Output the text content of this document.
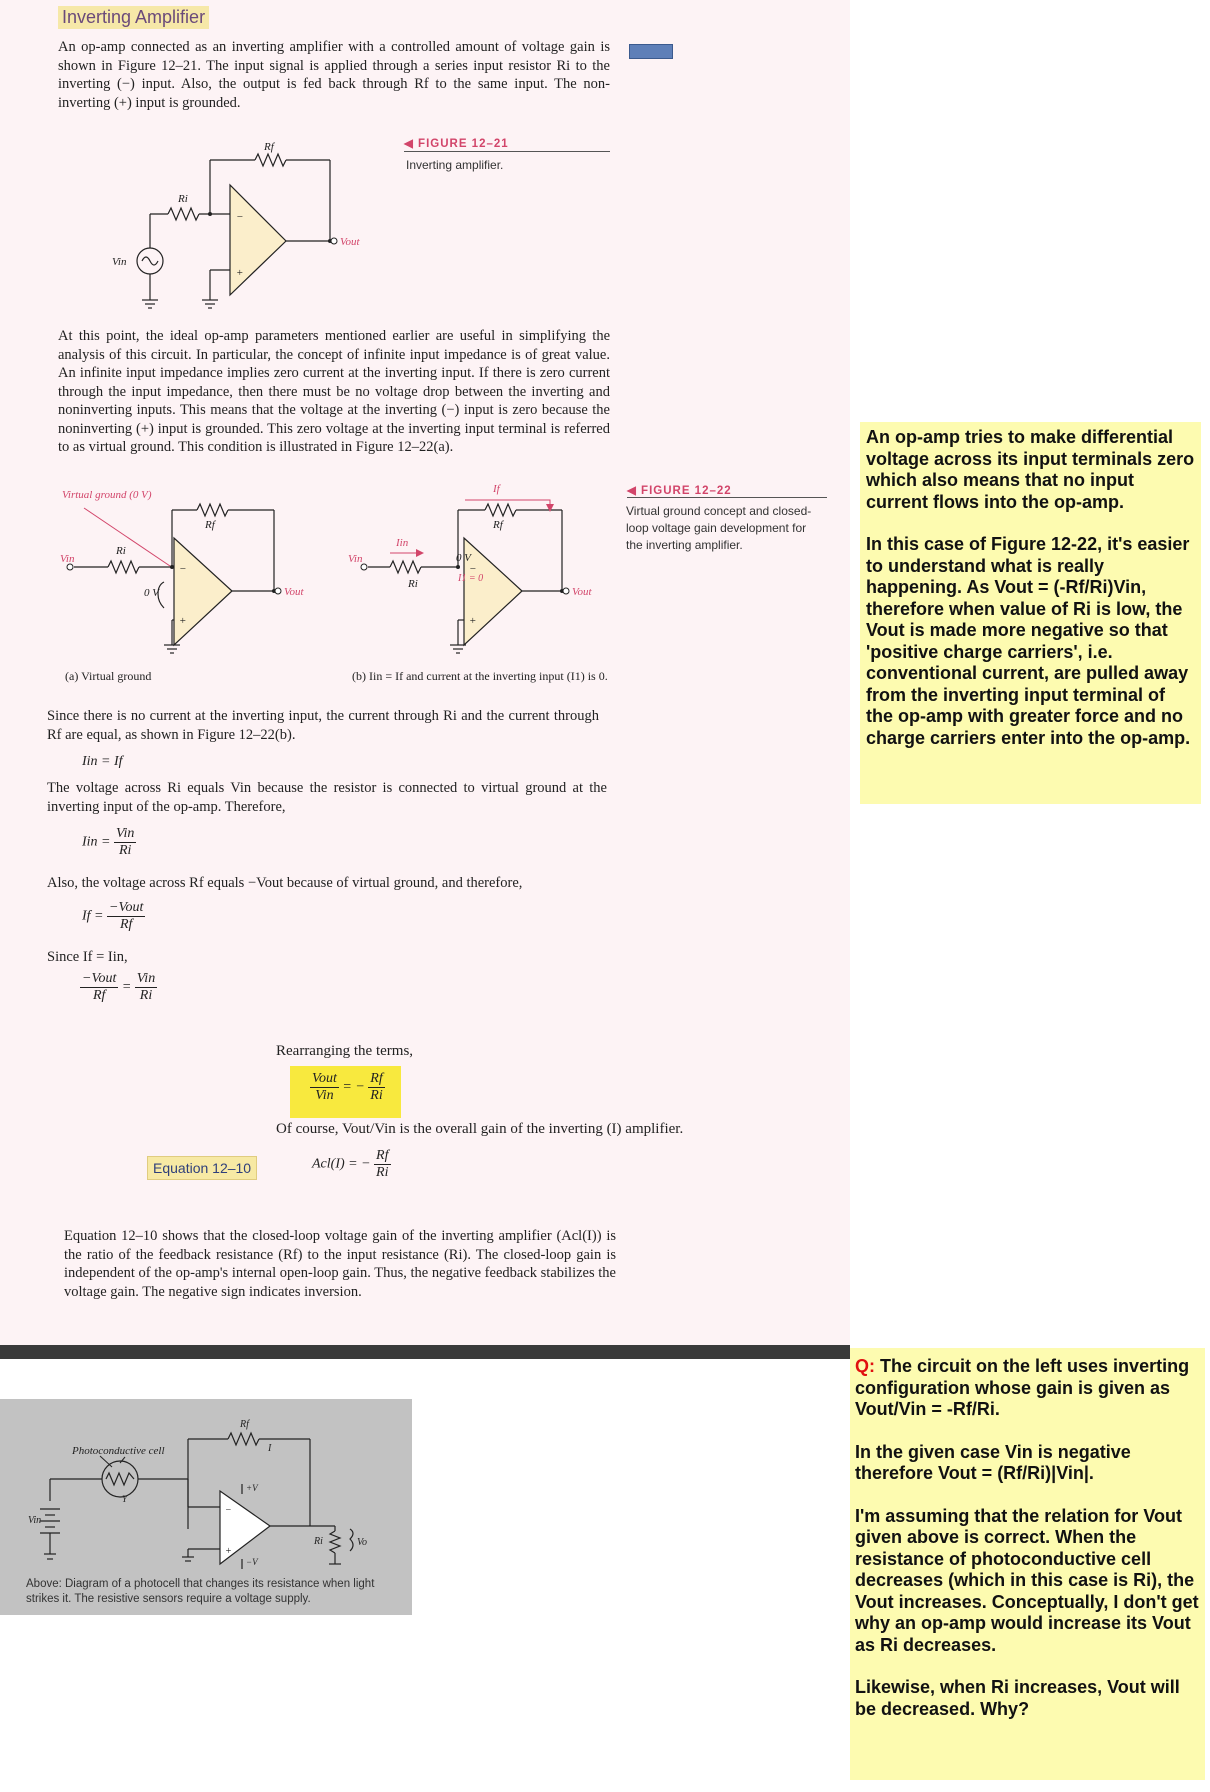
Inverting Amplifier
An op-amp connected as an inverting amplifier with a controlled amount of voltage gain is shown in Figure 12–21. The input signal is applied through a series input resistor Ri to the inverting (−) input. Also, the output is fed back through Rf to the same input. The non-inverting (+) input is grounded.
◀ FIGURE 12–21
Inverting amplifier.
−
+
Rf
Ri
Vin
Vout
At this point, the ideal op-amp parameters mentioned earlier are useful in simplifying the analysis of this circuit. In particular, the concept of infinite input impedance is of great value. An infinite input impedance implies zero current at the inverting input. If there is zero current through the input impedance, then there must be no voltage drop between the inverting and noninverting inputs. This means that the voltage at the inverting (−) input is zero because the noninverting (+) input is grounded. This zero voltage at the inverting input terminal is referred to as virtual ground. This condition is illustrated in Figure 12–22(a).
◀ FIGURE 12–22
Virtual ground concept and closed-loop voltage gain development for the inverting amplifier.
−
+
Virtual ground (0 V)
Rf
Ri
Vin
0 V	Vout
(a) Virtual ground
−
+
If
Rf
Iin
Ri
Vin	0 V
I1 = 0
Vout
(b) Iin = If and current at the inverting input (I1) is 0.
Since there is no current at the inverting input, the current through Ri and the current through Rf are equal, as shown in Figure 12–22(b).
Iin = If
The voltage across Ri equals Vin because the resistor is connected to virtual ground at the inverting input of the op-amp. Therefore,
Iin = $\frac{\text{Vin}}{Ri}$
Also, the voltage across Rf equals −Vout because of virtual ground, and therefore,
$If = \frac{\text{−Vout}}{Rf}$
Since If = Iin,
$\frac{\text{−Vout}}{Rf} = \frac{\text{Vin}}{Ri}$
Rearranging the terms,
$\frac{\text{Vout}}{\text{Vin}}$ = − $\frac{Rf}{Ri}$
Of course, Vout/Vin is the overall gain of the inverting (I) amplifier.
Equation 12–10	Acl(I) = − $\frac{Rf}{Ri}$
Equation 12–10 shows that the closed-loop voltage gain of the inverting amplifier (Acl(I)) is the ratio of the feedback resistance (Rf) to the input resistance (Ri). The closed-loop gain is independent of the op-amp's internal open-loop gain. Thus, the negative feedback stabilizes the voltage gain. The negative sign indicates inversion.

An op-amp tries to make differential voltage across its input terminals zero which also means that no input current flows into the op-amp.

In this case of Figure 12-22, it's easier to understand what is really happening. As Vout = (-Rf/Ri)Vin, therefore when value of Ri is low, the Vout is made more negative so that 'positive charge carriers', i.e. conventional current, are pulled away from the inverting input terminal of the op-amp with greater force and no charge carriers enter into the op-amp.

−
+
Photoconductive cell
Rf
Vin
Ri	Vo
+V
−V
I
Y
Above: Diagram of a photocell that changes its resistance when light strikes it. The resistive sensors require a voltage supply.

Q: The circuit on the left uses inverting configuration whose gain is given as Vout/Vin = -Rf/Ri.

In the given case Vin is negative therefore Vout = (Rf/Ri)|Vin|.

I'm assuming that the relation for Vout given above is correct. When the resistance of photoconductive cell decreases (which in this case is Ri), the Vout increases. Conceptually, I don't get why an op-amp would increase its Vout as Ri decreases.

Likewise, when Ri increases, Vout will be decreased. Why?
